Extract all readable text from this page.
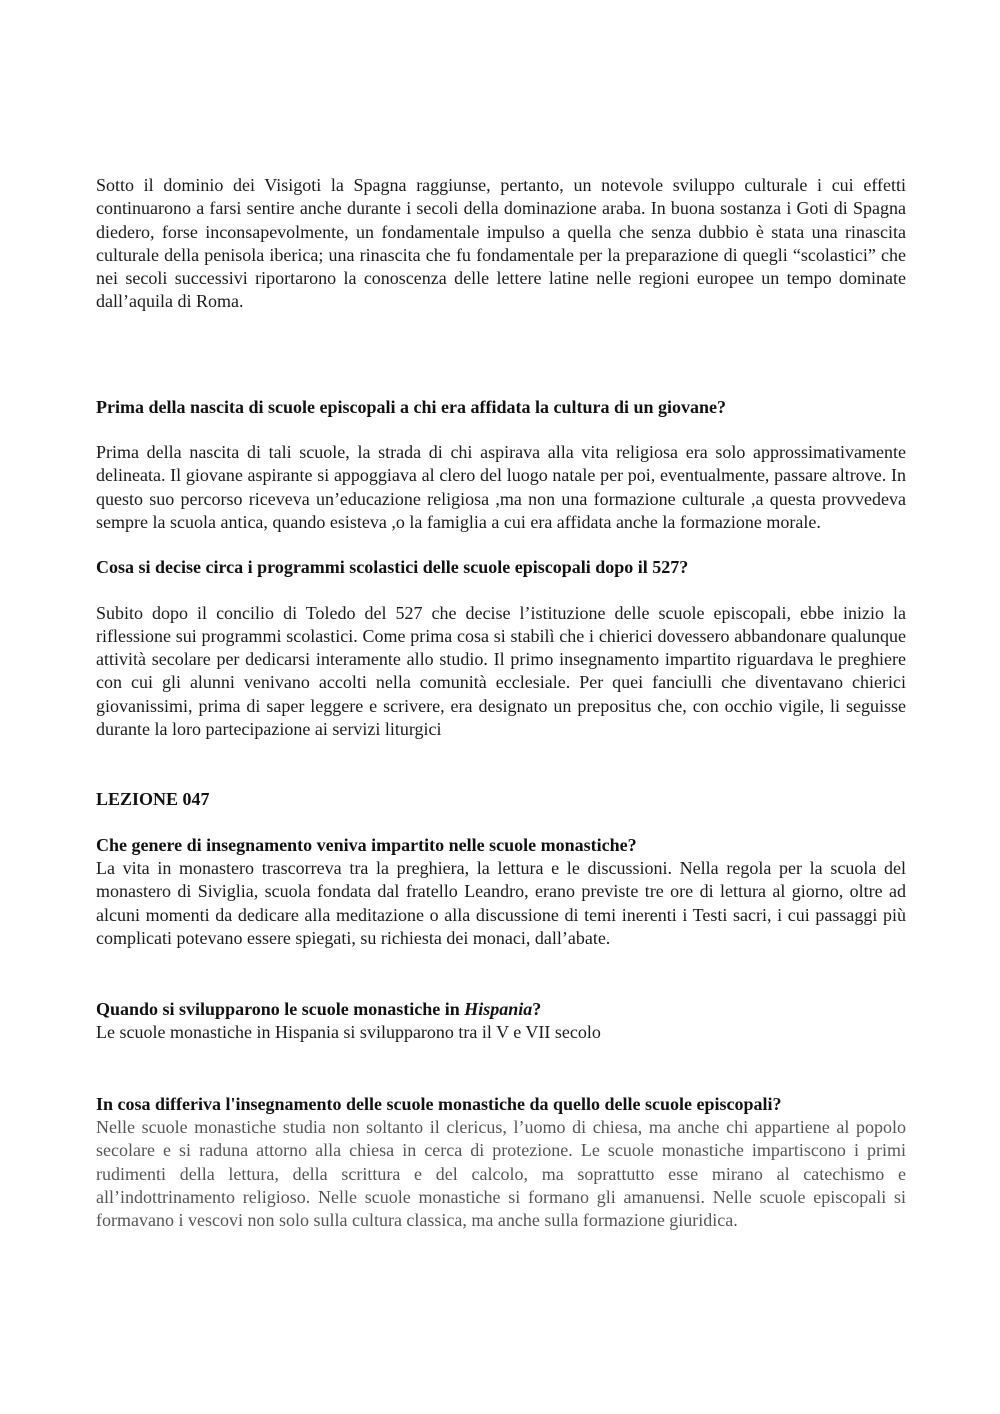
Sotto il dominio dei Visigoti la Spagna raggiunse, pertanto, un notevole sviluppo culturale i cui effetti continuarono a farsi sentire anche durante i secoli della dominazione araba. In buona sostanza i Goti di Spagna diedero, forse inconsapevolmente, un fondamentale impulso a quella che senza dubbio è stata una rinascita culturale della penisola iberica; una rinascita che fu fondamentale per la preparazione di quegli “scolastici” che nei secoli successivi riportarono la conoscenza delle lettere latine nelle regioni europee un tempo dominate dall’aquila di Roma.

Prima della nascita di scuole episcopali a chi era affidata la cultura di un giovane?

Prima della nascita di tali scuole, la strada di chi aspirava alla vita religiosa era solo approssimativamente delineata. Il giovane aspirante si appoggiava al clero del luogo natale per poi, eventualmente, passare altrove. In questo suo percorso riceveva un’educazione religiosa ,ma non una formazione culturale ,a questa provvedeva sempre la scuola antica, quando esisteva ,o la famiglia a cui era affidata anche la formazione morale.

Cosa si decise circa i programmi scolastici delle scuole episcopali dopo il 527?

Subito dopo il concilio di Toledo del 527 che decise l’istituzione delle scuole episcopali, ebbe inizio la riflessione sui programmi scolastici. Come prima cosa si stabilì che i chierici dovessero abbandonare qualunque attività secolare per dedicarsi interamente allo studio. Il primo insegnamento impartito riguardava le preghiere con cui gli alunni venivano accolti nella comunità ecclesiale. Per quei fanciulli che diventavano chierici giovanissimi, prima di saper leggere e scrivere, era designato un prepositus che, con occhio vigile, li seguisse durante la loro partecipazione ai servizi liturgici

LEZIONE 047
Che genere di insegnamento veniva impartito nelle scuole monastiche?

La vita in monastero trascorreva tra la preghiera, la lettura e le discussioni. Nella regola per la scuola del monastero di Siviglia, scuola fondata dal fratello Leandro, erano previste tre ore di lettura al giorno, oltre ad alcuni momenti da dedicare alla meditazione o alla discussione di temi inerenti i Testi sacri, i cui passaggi più complicati potevano essere spiegati, su richiesta dei monaci, dall’abate.

Quando si svilupparono le scuole monastiche in Hispania?

Le scuole monastiche in Hispania si svilupparono tra il V e VII secolo

In cosa differiva l'insegnamento delle scuole monastiche da quello delle scuole episcopali?

Nelle scuole monastiche studia non soltanto il clericus, l’uomo di chiesa, ma anche chi appartiene al popolo secolare e si raduna attorno alla chiesa in cerca di protezione. Le scuole monastiche impartiscono i primi rudimenti della lettura, della scrittura e del calcolo, ma soprattutto esse mirano al catechismo e all’indottrinamento religioso. Nelle scuole monastiche si formano gli amanuensi. Nelle scuole episcopali si formavano i vescovi non solo sulla cultura classica, ma anche sulla formazione giuridica.
